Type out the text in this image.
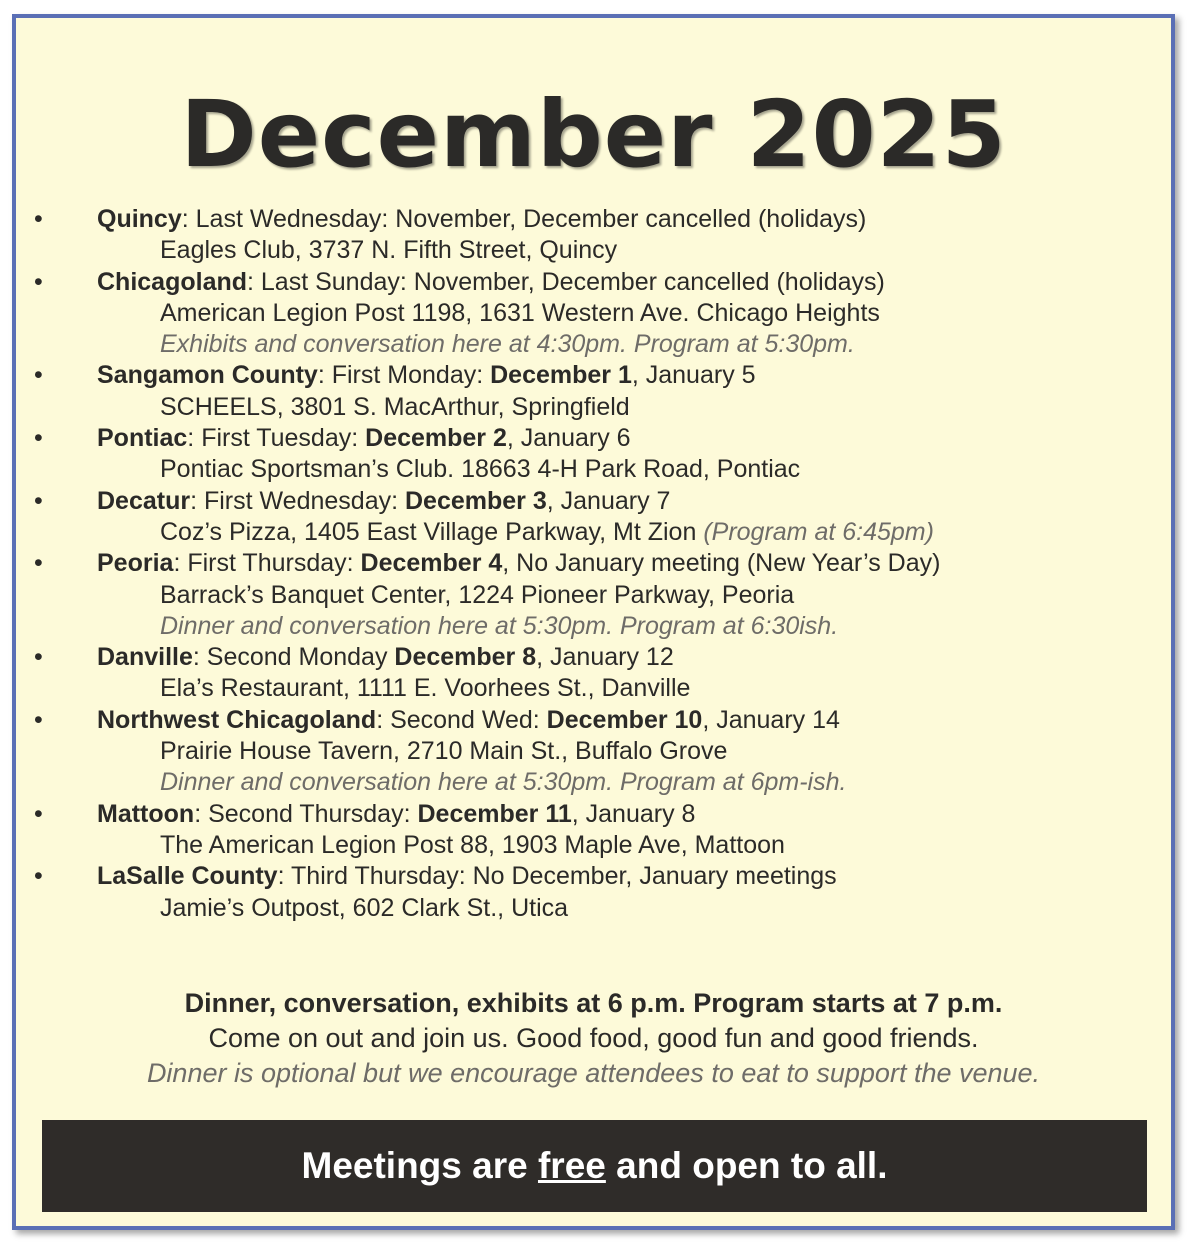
December 2025
• Quincy: Last Wednesday: November, December cancelled (holidays)
Eagles Club, 3737 N. Fifth Street, Quincy
• Chicagoland: Last Sunday: November, December cancelled (holidays)
American Legion Post 1198, 1631 Western Ave. Chicago Heights
Exhibits and conversation here at 4:30pm. Program at 5:30pm.
• Sangamon County: First Monday: December 1, January 5
SCHEELS, 3801 S. MacArthur, Springfield
• Pontiac: First Tuesday: December 2, January 6
Pontiac Sportsman’s Club. 18663 4-H Park Road, Pontiac
• Decatur: First Wednesday: December 3, January 7
Coz’s Pizza, 1405 East Village Parkway, Mt Zion (Program at 6:45pm)
• Peoria: First Thursday: December 4, No January meeting (New Year’s Day)
Barrack’s Banquet Center, 1224 Pioneer Parkway, Peoria
Dinner and conversation here at 5:30pm. Program at 6:30ish.
• Danville: Second Monday December 8, January 12
Ela’s Restaurant, 1111 E. Voorhees St., Danville
• Northwest Chicagoland: Second Wed: December 10, January 14
Prairie House Tavern, 2710 Main St., Buffalo Grove
Dinner and conversation here at 5:30pm. Program at 6pm-ish.
• Mattoon: Second Thursday: December 11, January 8
The American Legion Post 88, 1903 Maple Ave, Mattoon
• LaSalle County: Third Thursday: No December, January meetings
Jamie’s Outpost, 602 Clark St., Utica
Dinner, conversation, exhibits at 6 p.m. Program starts at 7 p.m.
Come on out and join us. Good food, good fun and good friends.
Dinner is optional but we encourage attendees to eat to support the venue.
Meetings are free and open to all.
